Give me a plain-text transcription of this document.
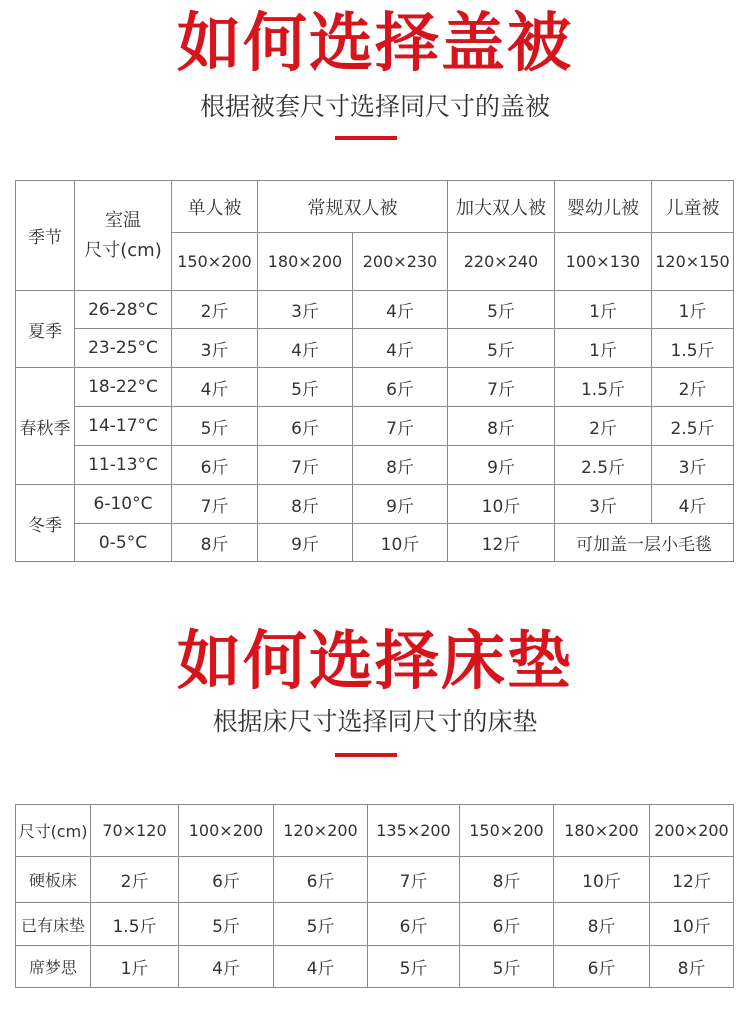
如何选择盖被
根据被套尺寸选择同尺寸的盖被
季节	室温
尺寸(cm)	单人被	常规双人被		加大双人被	婴幼儿被	儿童被
		150×200	180×200	200×230	220×240	100×130	120×150
夏季	26-28°C	2斤	3斤	4斤	5斤	1斤	1斤
	23-25°C	3斤	4斤	4斤	5斤	1斤	1.5斤
春秋季	18-22°C	4斤	5斤	6斤	7斤	1.5斤	2斤
	14-17°C	5斤	6斤	7斤	8斤	2斤	2.5斤
	11-13°C	6斤	7斤	8斤	9斤	2.5斤	3斤
冬季	6-10°C	7斤	8斤	9斤	10斤	3斤	4斤
	0-5°C	8斤	9斤	10斤	12斤	可加盖一层小毛毯	
如何选择床垫
根据床尺寸选择同尺寸的床垫
尺寸(cm)	70×120	100×200	120×200	135×200	150×200	180×200	200×200
硬板床	2斤	6斤	6斤	7斤	8斤	10斤	12斤
已有床垫	1.5斤	5斤	5斤	6斤	6斤	8斤	10斤
席梦思	1斤	4斤	4斤	5斤	5斤	6斤	8斤
